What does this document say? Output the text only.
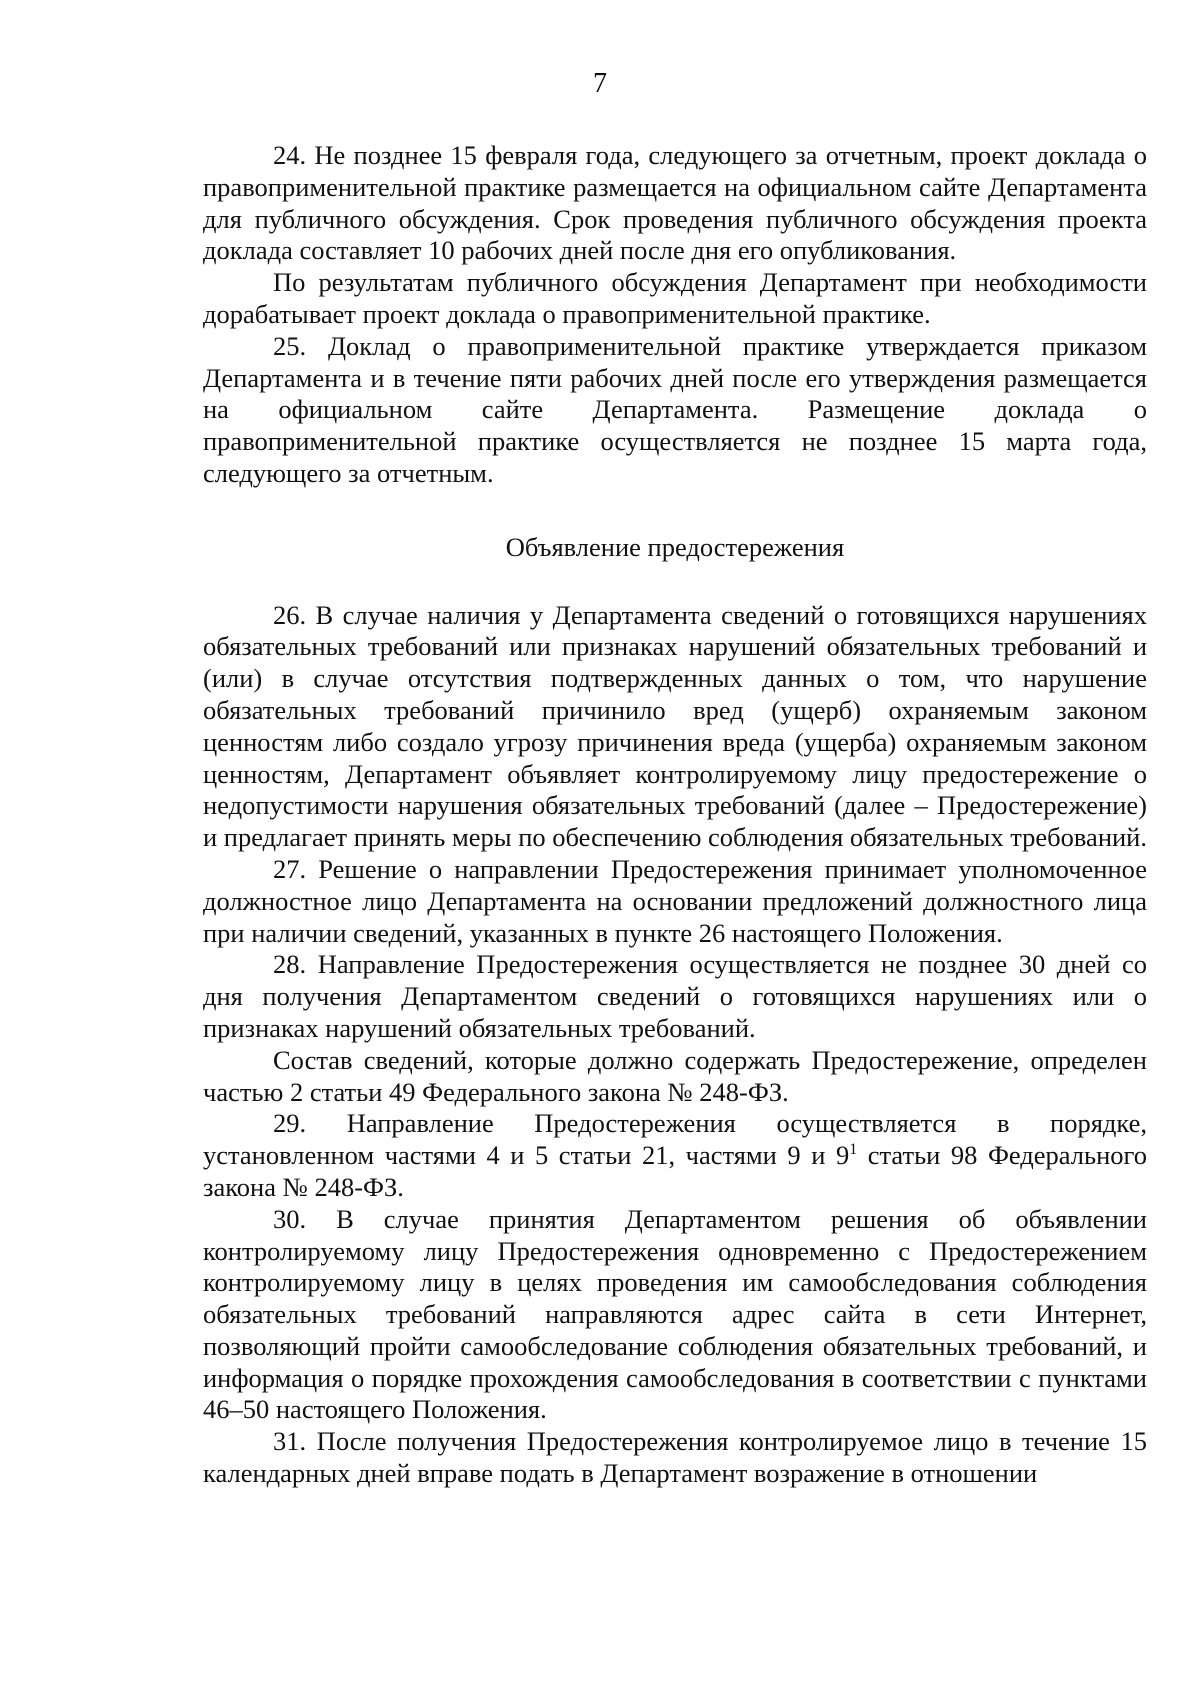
7

24. Не позднее 15 февраля года, следующего за отчетным, проект доклада о правоприменительной практике размещается на официальном сайте Департамента для публичного обсуждения. Срок проведения публичного обсуждения проекта доклада составляет 10 рабочих дней после дня его опубликования.

По результатам публичного обсуждения Департамент при необходимости дорабатывает проект доклада о правоприменительной практике.

25. Доклад о правоприменительной практике утверждается приказом Департамента и в течение пяти рабочих дней после его утверждения размещается на официальном сайте Департамента. Размещение доклада о правоприменительной практике осуществляется не позднее 15 марта года, следующего за отчетным.

Объявление предостережения

26. В случае наличия у Департамента сведений о готовящихся нарушениях обязательных требований или признаках нарушений обязательных требований и (или) в случае отсутствия подтвержденных данных о том, что нарушение обязательных требований причинило вред (ущерб) охраняемым законом ценностям либо создало угрозу причинения вреда (ущерба) охраняемым законом ценностям, Департамент объявляет контролируемому лицу предостережение о недопустимости нарушения обязательных требований (далее – Предостережение) и предлагает принять меры по обеспечению соблюдения обязательных требований.

27. Решение о направлении Предостережения принимает уполномоченное должностное лицо Департамента на основании предложений должностного лица при наличии сведений, указанных в пункте 26 настоящего Положения.

28. Направление Предостережения осуществляется не позднее 30 дней со дня получения Департаментом сведений о готовящихся нарушениях или о признаках нарушений обязательных требований.

Состав сведений, которые должно содержать Предостережение, определен частью 2 статьи 49 Федерального закона № 248-ФЗ.

29. Направление Предостережения осуществляется в порядке, установленном частями 4 и 5 статьи 21, частями 9 и $9^1$ статьи 98 Федерального закона № 248-ФЗ.

30. В случае принятия Департаментом решения об объявлении контролируемому лицу Предостережения одновременно с Предостережением контролируемому лицу в целях проведения им самообследования соблюдения обязательных требований направляются адрес сайта в сети Интернет, позволяющий пройти самообследование соблюдения обязательных требований, и информация о порядке прохождения самообследования в соответствии с пунктами 46–50 настоящего Положения.

31. После получения Предостережения контролируемое лицо в течение 15 календарных дней вправе подать в Департамент возражение в отношении
